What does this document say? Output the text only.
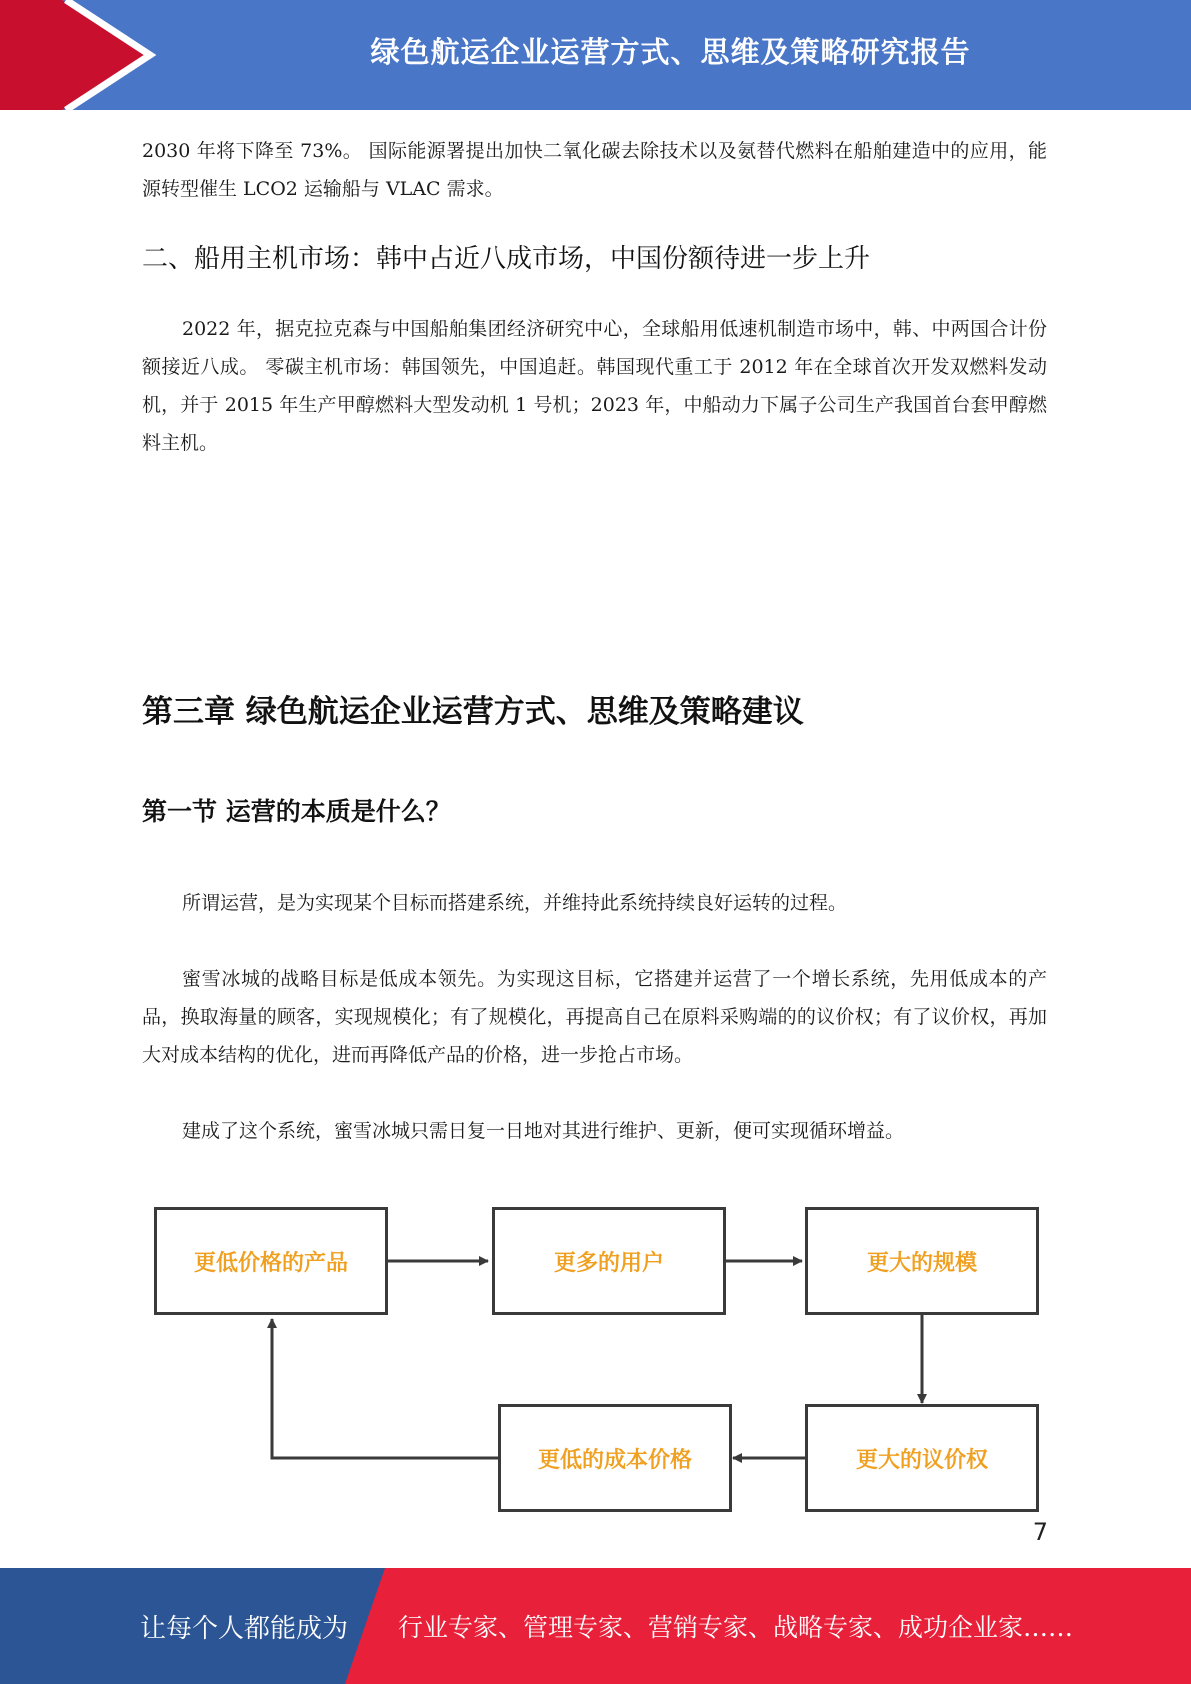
绿色航运企业运营方式、思维及策略研究报告

2030 年将下降至 73%。 国际能源署提出加快二氧化碳去除技术以及氨替代燃料在船舶建造中的应用，能源转型催生 LCO2 运输船与 VLAC 需求。

二、船用主机市场：韩中占近八成市场，中国份额待进一步上升

2022 年，据克拉克森与中国船舶集团经济研究中心，全球船用低速机制造市场中，韩、中两国合计份额接近八成。 零碳主机市场：韩国领先，中国追赶。韩国现代重工于 2012 年在全球首次开发双燃料发动机，并于 2015 年生产甲醇燃料大型发动机 1 号机；2023 年，中船动力下属子公司生产我国首台套甲醇燃料主机。

第三章 绿色航运企业运营方式、思维及策略建议
第一节 运营的本质是什么？

所谓运营，是为实现某个目标而搭建系统，并维持此系统持续良好运转的过程。

蜜雪冰城的战略目标是低成本领先。为实现这目标，它搭建并运营了一个增长系统，先用低成本的产品，换取海量的顾客，实现规模化；有了规模化，再提高自己在原料采购端的的议价权；有了议价权，再加大对成本结构的优化，进而再降低产品的价格，进一步抢占市场。

建成了这个系统，蜜雪冰城只需日复一日地对其进行维护、更新，便可实现循环增益。

更低价格的产品	更多的用户	更大的规模
更大的议价权
更低的成本价格
7
让每个人都能成为 行业专家、管理专家、营销专家、战略专家、成功企业家……
